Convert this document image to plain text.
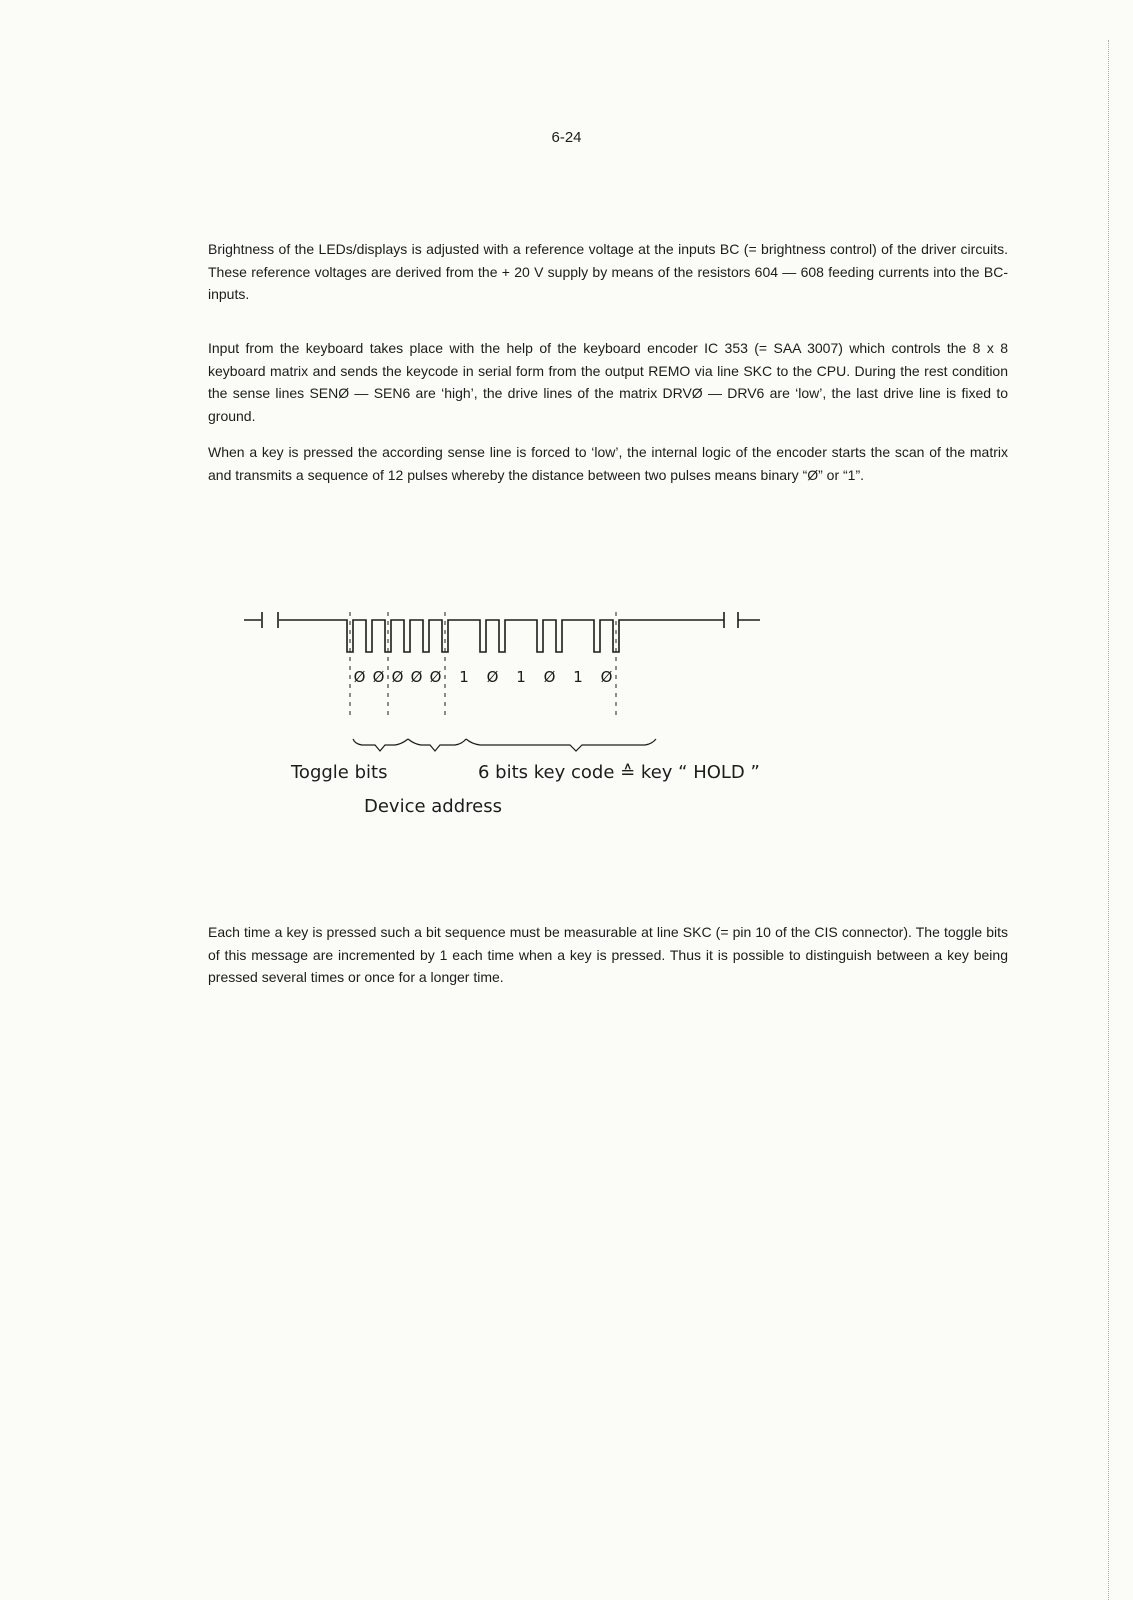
6-24

Brightness of the LEDs/displays is adjusted with a reference voltage at the inputs BC (= brightness control) of the driver circuits. These reference voltages are derived from the + 20 V supply by means of the resistors 604 — 608 feeding currents into the BC-inputs.

Input from the keyboard takes place with the help of the keyboard encoder IC 353 (= SAA 3007) which controls the 8 x 8 keyboard matrix and sends the keycode in serial form from the output REMO via line SKC to the CPU. During the rest condition the sense lines SENØ — SEN6 are ‘high’, the drive lines of the matrix DRVØ — DRV6 are ‘low’, the last drive line is fixed to ground.

When a key is pressed the according sense line is forced to ‘low’, the internal logic of the encoder starts the scan of the matrix and transmits a sequence of 12 pulses whereby the distance between two pulses means binary “Ø” or “1”.

Ø Ø Ø Ø Ø 1 Ø 1 Ø 1 Ø
Toggle bits	6 bits key code ≙ key “ HOLD ”
Device address

Each time a key is pressed such a bit sequence must be measurable at line SKC (= pin 10 of the CIS connector). The toggle bits of this message are incremented by 1 each time when a key is pressed. Thus it is possible to distinguish between a key being pressed several times or once for a longer time.
